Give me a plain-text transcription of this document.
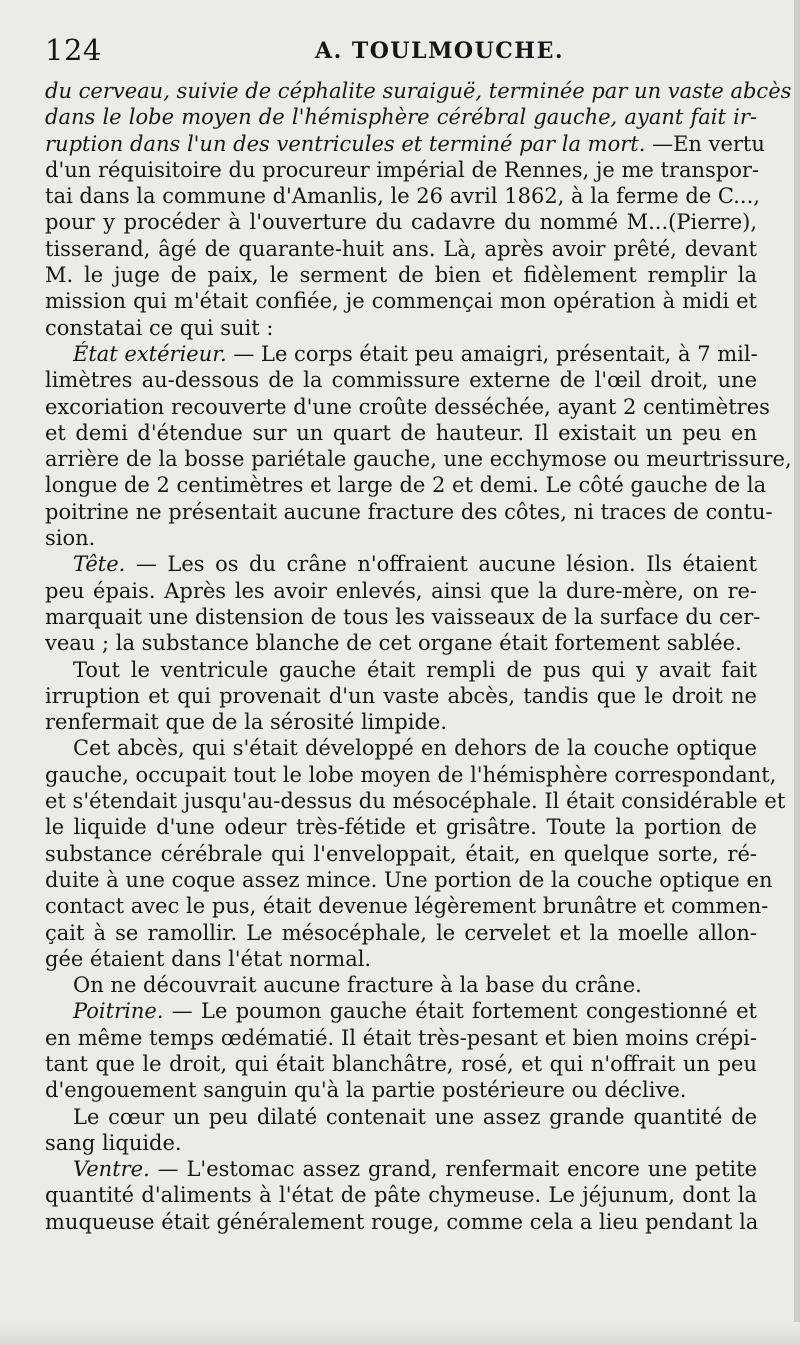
124	A. TOULMOUCHE.
du cerveau, suivie de céphalite suraiguë, terminée par un vaste abcès
dans le lobe moyen de l'hémisphère cérébral gauche, ayant fait ir-
ruption dans l'un des ventricules et terminé par la mort. —En vertu
d'un réquisitoire du procureur impérial de Rennes, je me transpor-
tai dans la commune d'Amanlis, le 26 avril 1862, à la ferme de C...,
pour y procéder à l'ouverture du cadavre du nommé M...(Pierre),
tisserand, âgé de quarante-huit ans. Là, après avoir prêté, devant
M. le juge de paix, le serment de bien et fidèlement remplir la
mission qui m'était confiée, je commençai mon opération à midi et
constatai ce qui suit :
État extérieur. — Le corps était peu amaigri, présentait, à 7 mil-
limètres au-dessous de la commissure externe de l'œil droit, une
excoriation recouverte d'une croûte desséchée, ayant 2 centimètres
et demi d'étendue sur un quart de hauteur. Il existait un peu en
arrière de la bosse pariétale gauche, une ecchymose ou meurtrissure,
longue de 2 centimètres et large de 2 et demi. Le côté gauche de la
poitrine ne présentait aucune fracture des côtes, ni traces de contu-
sion.
Tête. — Les os du crâne n'offraient aucune lésion. Ils étaient
peu épais. Après les avoir enlevés, ainsi que la dure-mère, on re-
marquait une distension de tous les vaisseaux de la surface du cer-
veau ; la substance blanche de cet organe était fortement sablée.
Tout le ventricule gauche était rempli de pus qui y avait fait
irruption et qui provenait d'un vaste abcès, tandis que le droit ne
renfermait que de la sérosité limpide.
Cet abcès, qui s'était développé en dehors de la couche optique
gauche, occupait tout le lobe moyen de l'hémisphère correspondant,
et s'étendait jusqu'au-dessus du mésocéphale. Il était considérable et
le liquide d'une odeur très-fétide et grisâtre. Toute la portion de
substance cérébrale qui l'enveloppait, était, en quelque sorte, ré-
duite à une coque assez mince. Une portion de la couche optique en
contact avec le pus, était devenue légèrement brunâtre et commen-
çait à se ramollir. Le mésocéphale, le cervelet et la moelle allon-
gée étaient dans l'état normal.
On ne découvrait aucune fracture à la base du crâne.
Poitrine. — Le poumon gauche était fortement congestionné et
en même temps œdématié. Il était très-pesant et bien moins crépi-
tant que le droit, qui était blanchâtre, rosé, et qui n'offrait un peu
d'engouement sanguin qu'à la partie postérieure ou déclive.
Le cœur un peu dilaté contenait une assez grande quantité de
sang liquide.
Ventre. — L'estomac assez grand, renfermait encore une petite
quantité d'aliments à l'état de pâte chymeuse. Le jéjunum, dont la
muqueuse était généralement rouge, comme cela a lieu pendant la
